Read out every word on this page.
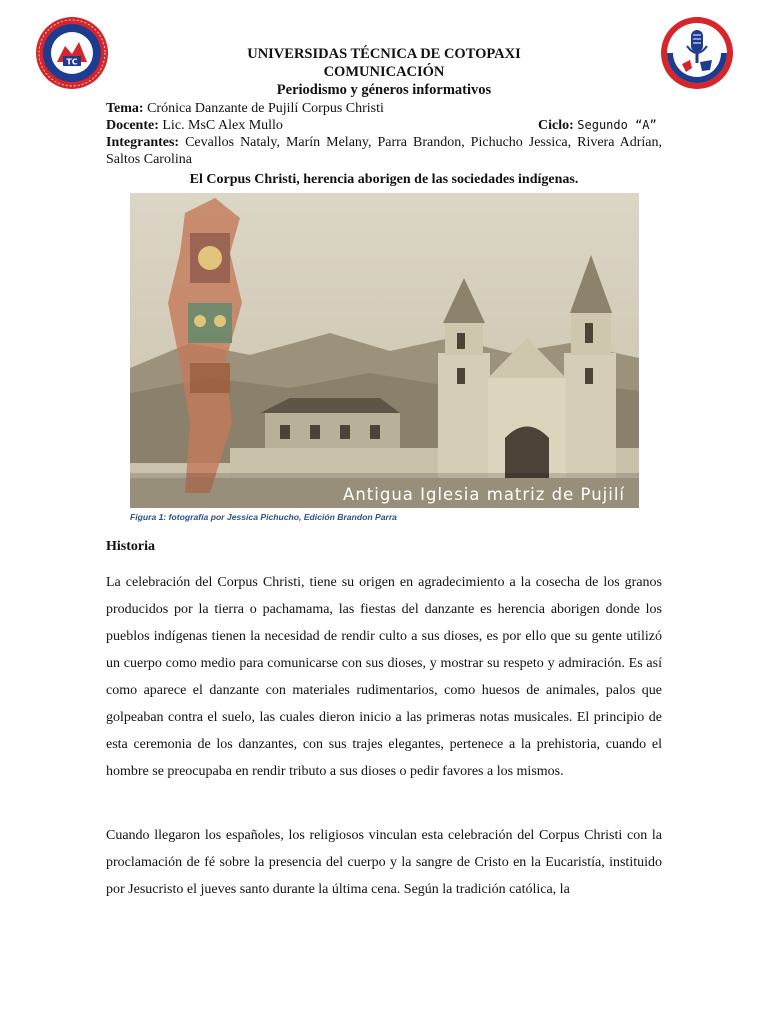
TC	UNIVERSIDAS TÉCNICA DE COTOPAXI
COMUNICACIÓN
Periodismo y géneros informativos
Tema: Crónica Danzante de Pujilí Corpus Christi
Docente: Lic. MsC Alex Mullo	Ciclo: Segundo “A”
Integrantes: Cevallos Nataly, Marín Melany, Parra Brandon, Pichucho Jessica, Rivera Adrían, Saltos Carolina
El Corpus Christi, herencia aborigen de las sociedades indígenas.
Antigua Iglesia matriz de Pujilí
Figura 1: fotografía por Jessica Pichucho, Edición Brandon Parra
Historia
La celebración del Corpus Christi, tiene su origen en agradecimiento a la cosecha de los granos producidos por la tierra o pachamama, las fiestas del danzante es herencia aborigen donde los pueblos indígenas tienen la necesidad de rendir culto a sus dioses, es por ello que su gente utilizó un cuerpo como medio para comunicarse con sus dioses, y mostrar su respeto y admiración. Es así como aparece el danzante con materiales rudimentarios, como huesos de animales, palos que golpeaban contra el suelo, las cuales dieron inicio a las primeras notas musicales. El principio de esta ceremonia de los danzantes, con sus trajes elegantes, pertenece a la prehistoria, cuando el hombre se preocupaba en rendir tributo a sus dioses o pedir favores a los mismos.
Cuando llegaron los españoles, los religiosos vinculan esta celebración del Corpus Christi con la proclamación de fé sobre la presencia del cuerpo y la sangre de Cristo en la Eucaristía, instituido por Jesucristo el jueves santo durante la última cena. Según la tradición católica, la
